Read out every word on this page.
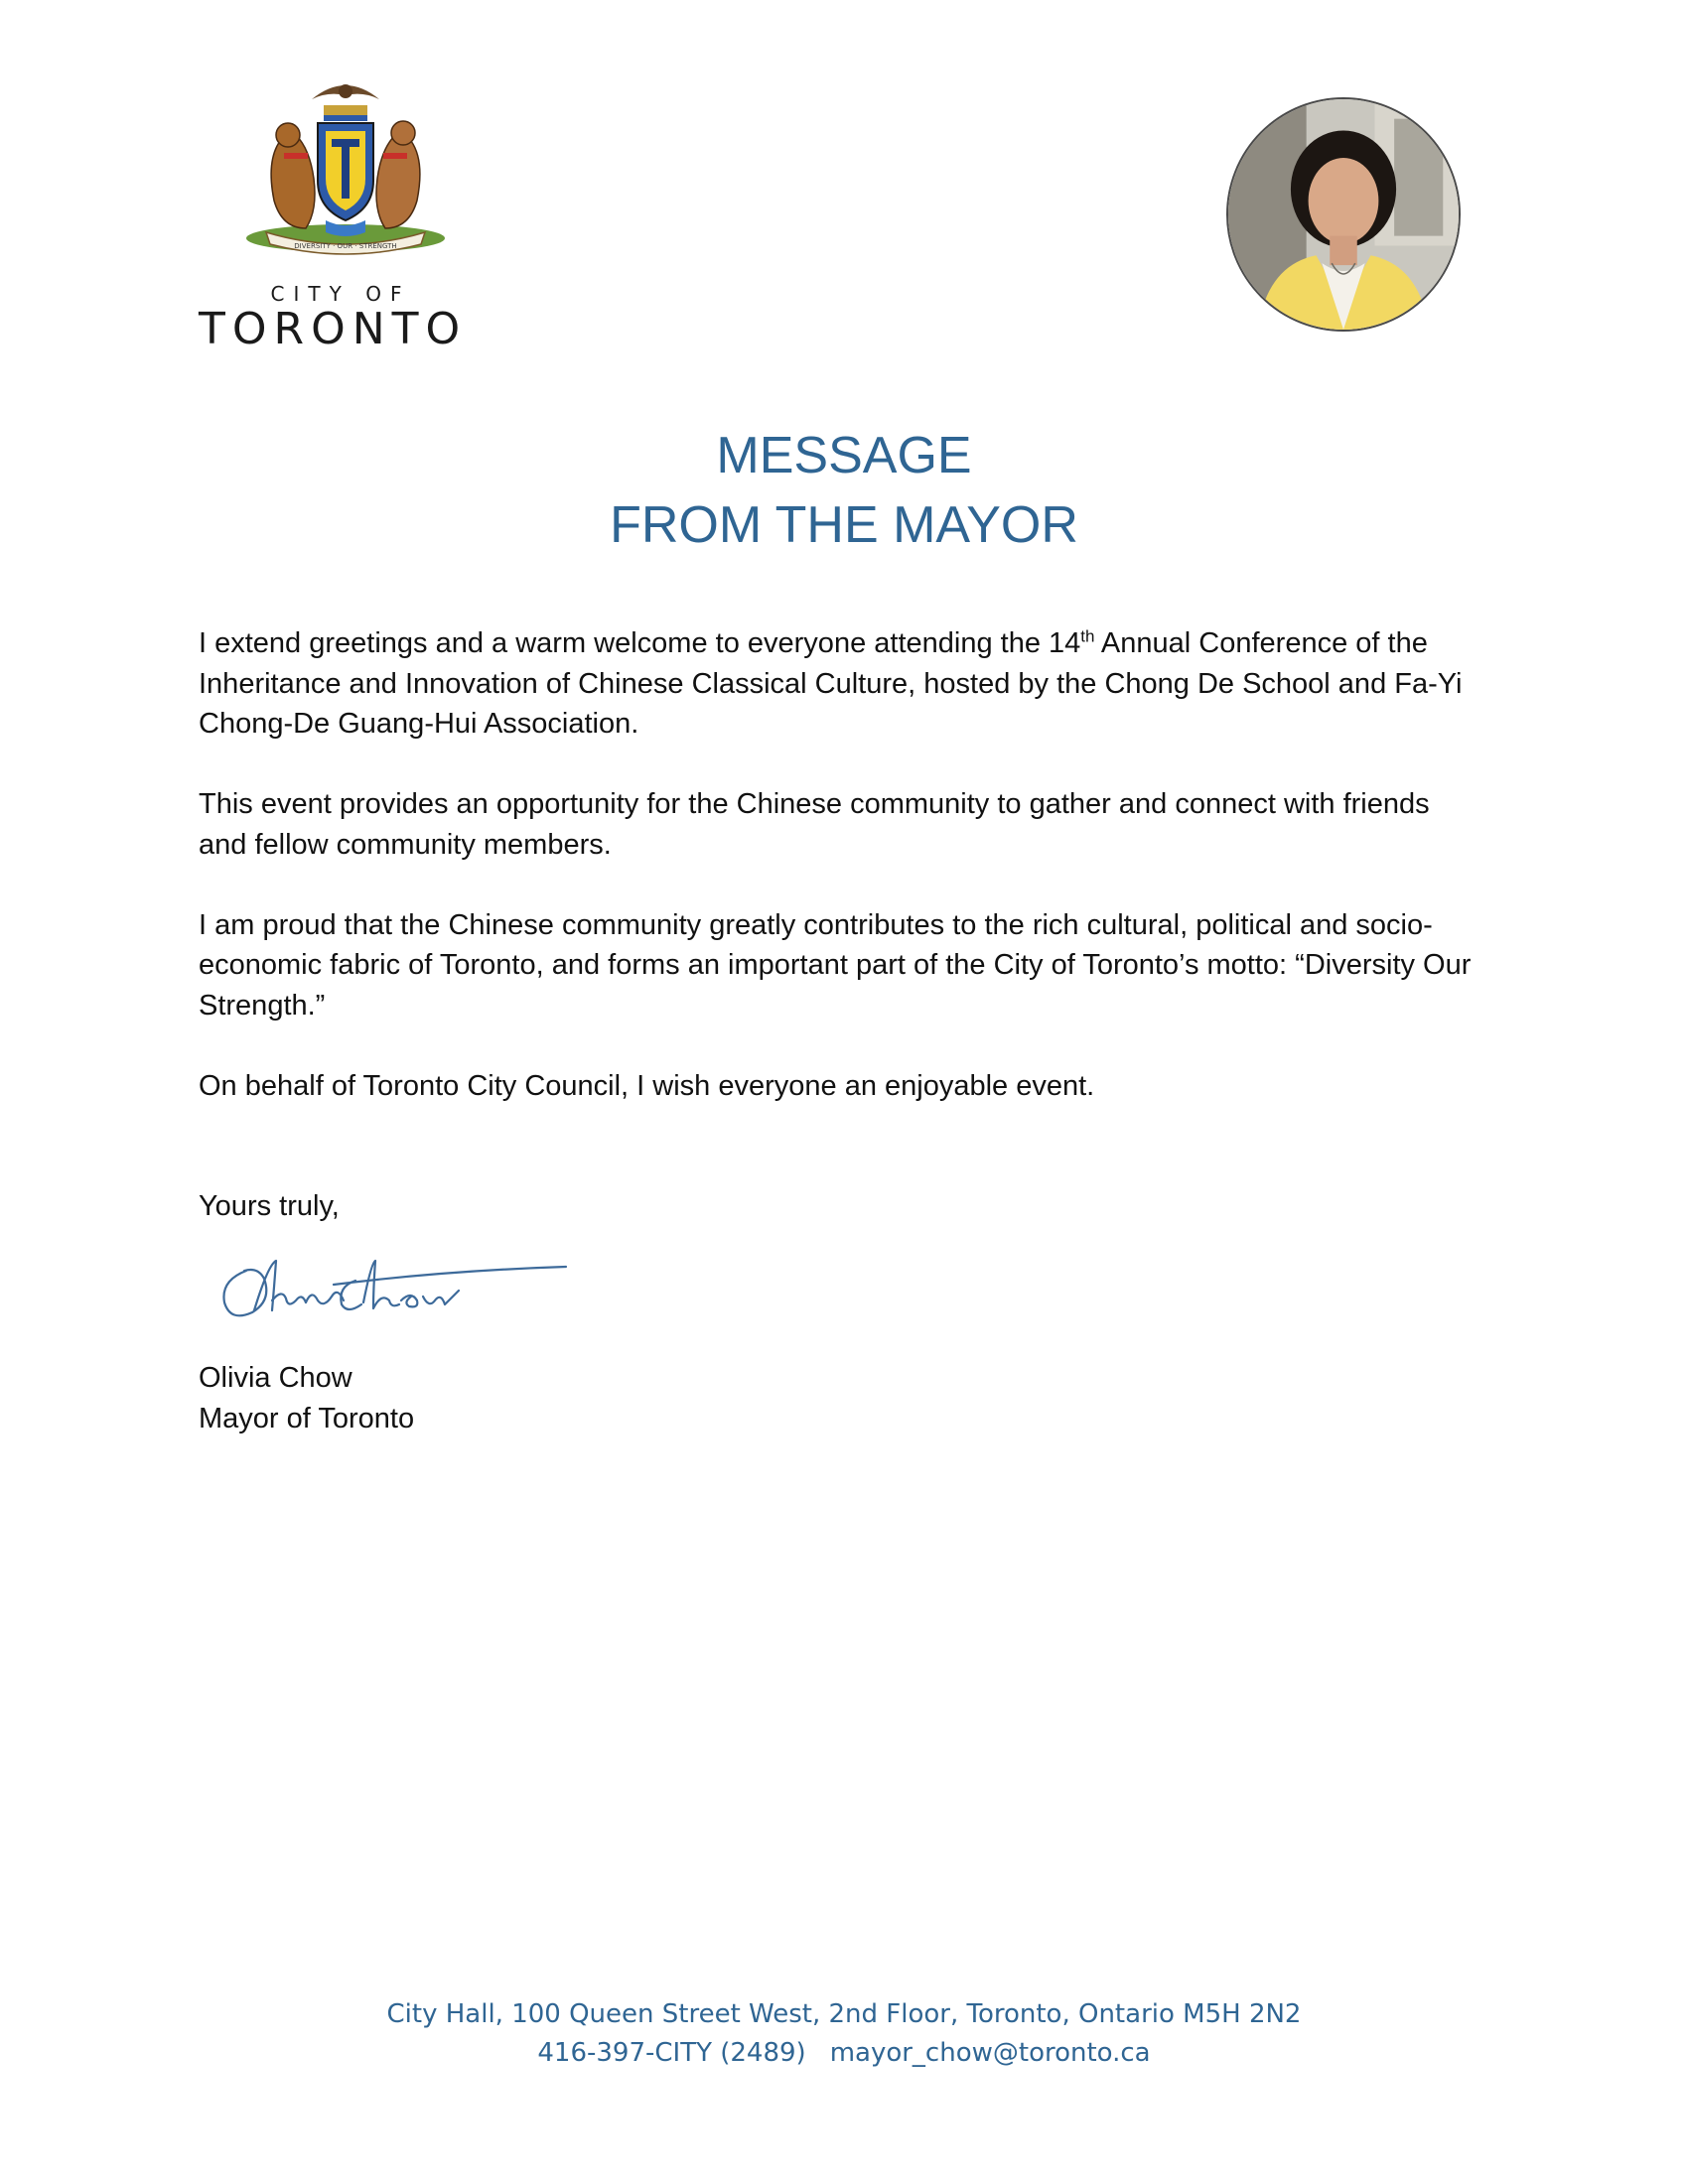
DIVERSITY · OUR · STRENGTH
CITY OF
TORONTO
MESSAGE
FROM THE MAYOR

I extend greetings and a warm welcome to everyone attending the 14th Annual Conference of the Inheritance and Innovation of Chinese Classical Culture, hosted by the Chong De School and Fa-Yi Chong-De Guang-Hui Association.

This event provides an opportunity for the Chinese community to gather and connect with friends and fellow community members.

I am proud that the Chinese community greatly contributes to the rich cultural, political and socio-economic fabric of Toronto, and forms an important part of the City of Toronto’s motto: “Diversity Our Strength.”

On behalf of Toronto City Council, I wish everyone an enjoyable event.

Yours truly,
Olivia Chow
Mayor of Toronto
City Hall, 100 Queen Street West, 2nd Floor, Toronto, Ontario M5H 2N2
416-397-CITY (2489) mayor_chow@toronto.ca
